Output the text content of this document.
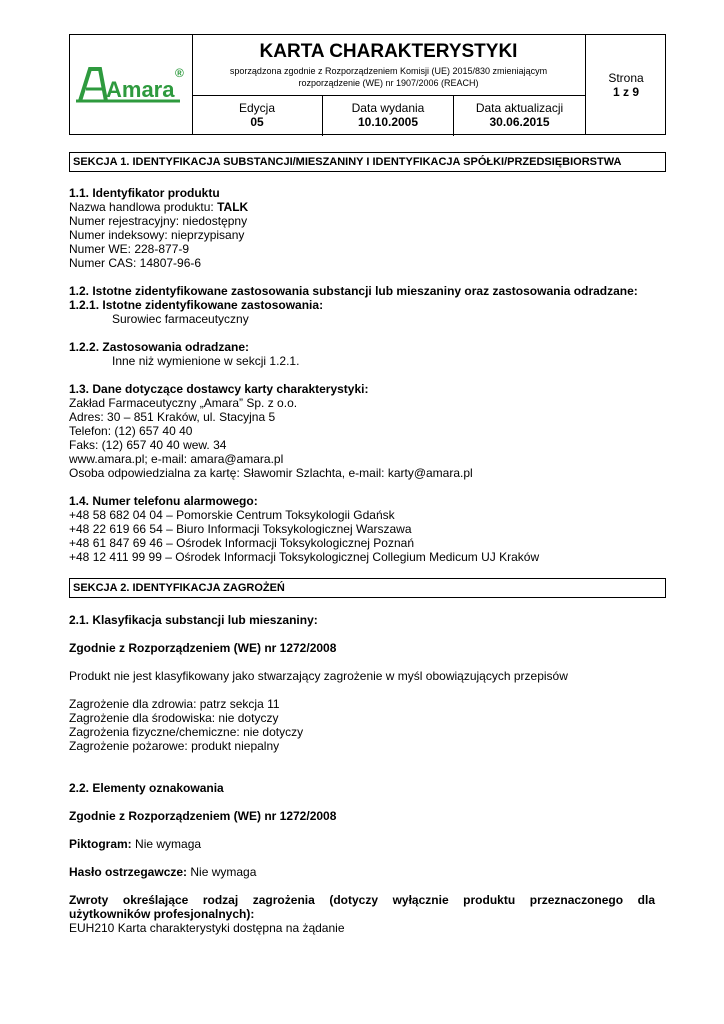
Amara
®
KARTA CHARAKTERYSTYKI
sporządzona zgodnie z Rozporządzeniem Komisji (UE) 2015/830 zmieniającym
rozporządzenie (WE) nr 1907/2006 (REACH)
Edycja
05
Data wydania
10.10.2005
Data aktualizacji
30.06.2015
Strona
1 z 9
SEKCJA 1. IDENTYFIKACJA SUBSTANCJI/MIESZANINY I IDENTYFIKACJA SPÓŁKI/PRZEDSIĘBIORSTWA
1.1. Identyfikator produktu
Nazwa handlowa produktu: TALK
Numer rejestracyjny: niedostępny
Numer indeksowy: nieprzypisany
Numer WE: 228-877-9
Numer CAS: 14807-96-6
1.2. Istotne zidentyfikowane zastosowania substancji lub mieszaniny oraz zastosowania odradzane:
1.2.1. Istotne zidentyfikowane zastosowania:
Surowiec farmaceutyczny
1.2.2. Zastosowania odradzane:
Inne niż wymienione w sekcji 1.2.1.
1.3. Dane dotyczące dostawcy karty charakterystyki:
Zakład Farmaceutyczny „Amara” Sp. z o.o.
Adres: 30 – 851 Kraków, ul. Stacyjna 5
Telefon: (12) 657 40 40
Faks: (12) 657 40 40 wew. 34
www.amara.pl; e-mail: amara@amara.pl
Osoba odpowiedzialna za kartę: Sławomir Szlachta, e-mail: karty@amara.pl
1.4. Numer telefonu alarmowego:
+48 58 682 04 04 – Pomorskie Centrum Toksykologii Gdańsk
+48 22 619 66 54 – Biuro Informacji Toksykologicznej Warszawa
+48 61 847 69 46 – Ośrodek Informacji Toksykologicznej Poznań
+48 12 411 99 99 – Ośrodek Informacji Toksykologicznej Collegium Medicum UJ Kraków
SEKCJA 2. IDENTYFIKACJA ZAGROŻEŃ
2.1. Klasyfikacja substancji lub mieszaniny:
Zgodnie z Rozporządzeniem (WE) nr 1272/2008
Produkt nie jest klasyfikowany jako stwarzający zagrożenie w myśl obowiązujących przepisów
Zagrożenie dla zdrowia: patrz sekcja 11
Zagrożenie dla środowiska: nie dotyczy
Zagrożenia fizyczne/chemiczne: nie dotyczy
Zagrożenie pożarowe: produkt niepalny
2.2. Elementy oznakowania
Zgodnie z Rozporządzeniem (WE) nr 1272/2008
Piktogram: Nie wymaga
Hasło ostrzegawcze: Nie wymaga
Zwroty określające rodzaj zagrożenia (dotyczy wyłącznie produktu przeznaczonego dla
użytkowników profesjonalnych):
EUH210 Karta charakterystyki dostępna na żądanie
